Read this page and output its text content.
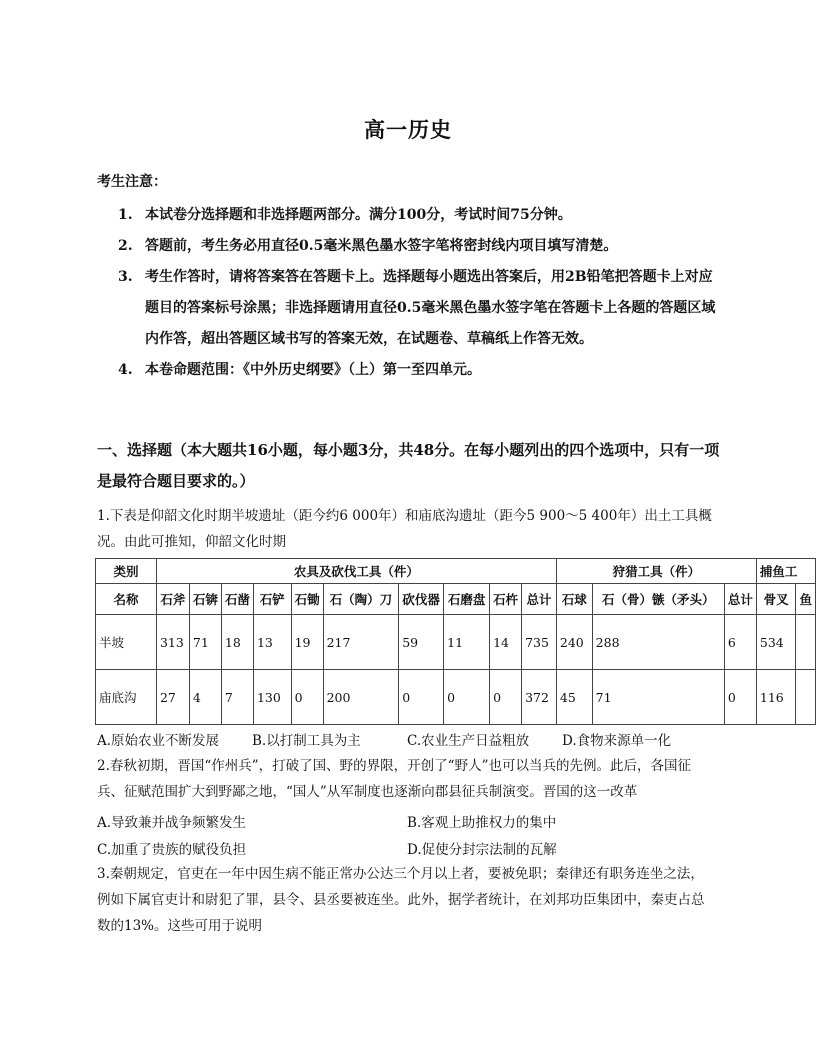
高一历史
考生注意：
1. 本试卷分选择题和非选择题两部分。满分100分，考试时间75分钟。
2. 答题前，考生务必用直径0.5毫米黑色墨水签字笔将密封线内项目填写清楚。
3. 考生作答时，请将答案答在答题卡上。选择题每小题选出答案后，用2B铅笔把答题卡上对应题目的答案标号涂黑；非选择题请用直径0.5毫米黑色墨水签字笔在答题卡上各题的答题区域内作答，超出答题区域书写的答案无效，在试题卷、草稿纸上作答无效。
4. 本卷命题范围：《中外历史纲要》（上）第一至四单元。
一、选择题（本大题共16小题，每小题3分，共48分。在每小题列出的四个选项中，只有一项是最符合题目要求的。）
1.下表是仰韶文化时期半坡遗址（距今约6 000年）和庙底沟遗址（距今5 900～5 400年）出土工具概况。由此可推知，仰韶文化时期
类别	农具及砍伐工具（件）										狩猎工具（件）			捕鱼工	
名称	石斧	石锛	石凿	石铲	石锄	石（陶）刀	砍伐器	石磨盘	石杵	总计	石球	石（骨）镞（矛头）	总计	骨叉	鱼
半坡	313	71	18	13	19	217	59	11	14	735	240	288	6	534	
庙底沟	27	4	7	130	0	200	0	0	0	372	45	71	0	116	
A.原始农业不断发展	B.以打制工具为主	C.农业生产日益粗放	D.食物来源单一化
2.春秋初期，晋国“作州兵”，打破了国、野的界限，开创了“野人”也可以当兵的先例。此后，各国征兵、征赋范围扩大到野鄙之地，“国人”从军制度也逐渐向郡县征兵制演变。晋国的这一改革
A.导致兼并战争频繁发生	B.客观上助推权力的集中
C.加重了贵族的赋役负担	D.促使分封宗法制的瓦解
3.秦朝规定，官吏在一年中因生病不能正常办公达三个月以上者，要被免职；秦律还有职务连坐之法，例如下属官吏计和尉犯了罪，县令、县丞要被连坐。此外，据学者统计，在刘邦功臣集团中，秦吏占总数的13%。这些可用于说明
